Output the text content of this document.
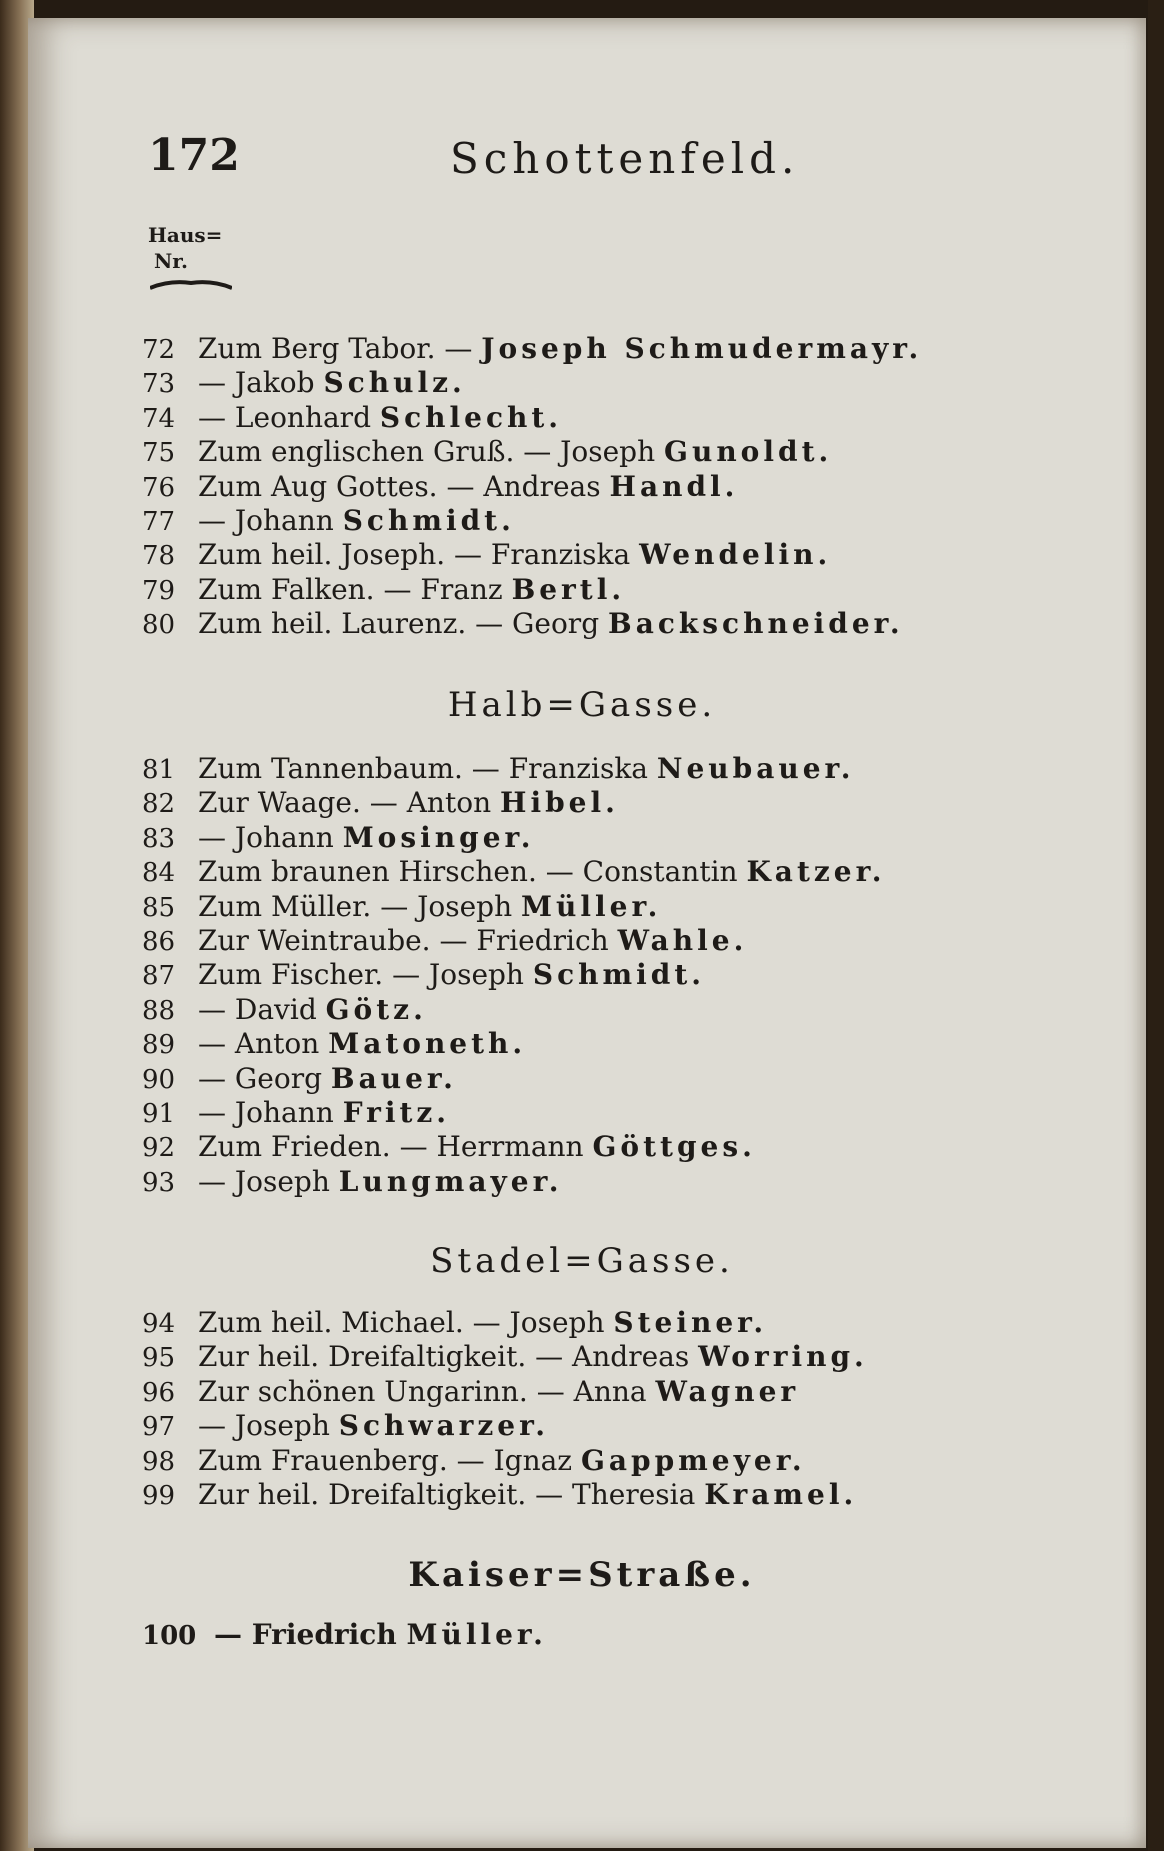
172	Schottenfeld.
Haus=
Nr.
72 Zum Berg Tabor. — Joseph Schmudermayr.
73 — Jakob Schulz.
74 — Leonhard Schlecht.
75 Zum englischen Gruß. — Joseph Gunoldt.
76 Zum Aug Gottes. — Andreas Handl.
77 — Johann Schmidt.
78 Zum heil. Joseph. — Franziska Wendelin.
79 Zum Falken. — Franz Bertl.
80 Zum heil. Laurenz. — Georg Backschneider.
Halb=Gasse.
81 Zum Tannenbaum. — Franziska Neubauer.
82 Zur Waage. — Anton Hibel.
83 — Johann Mosinger.
84 Zum braunen Hirschen. — Constantin Katzer.
85 Zum Müller. — Joseph Müller.
86 Zur Weintraube. — Friedrich Wahle.
87 Zum Fischer. — Joseph Schmidt.
88 — David Götz.
89 — Anton Matoneth.
90 — Georg Bauer.
91 — Johann Fritz.
92 Zum Frieden. — Herrmann Göttges.
93 — Joseph Lungmayer.
Stadel=Gasse.
94 Zum heil. Michael. — Joseph Steiner.
95 Zur heil. Dreifaltigkeit. — Andreas Worring.
96 Zur schönen Ungarinn. — Anna Wagner
97 — Joseph Schwarzer.
98 Zum Frauenberg. — Ignaz Gappmeyer.
99 Zur heil. Dreifaltigkeit. — Theresia Kramel.
Kaiser=Straße.
100 — Friedrich Müller.
